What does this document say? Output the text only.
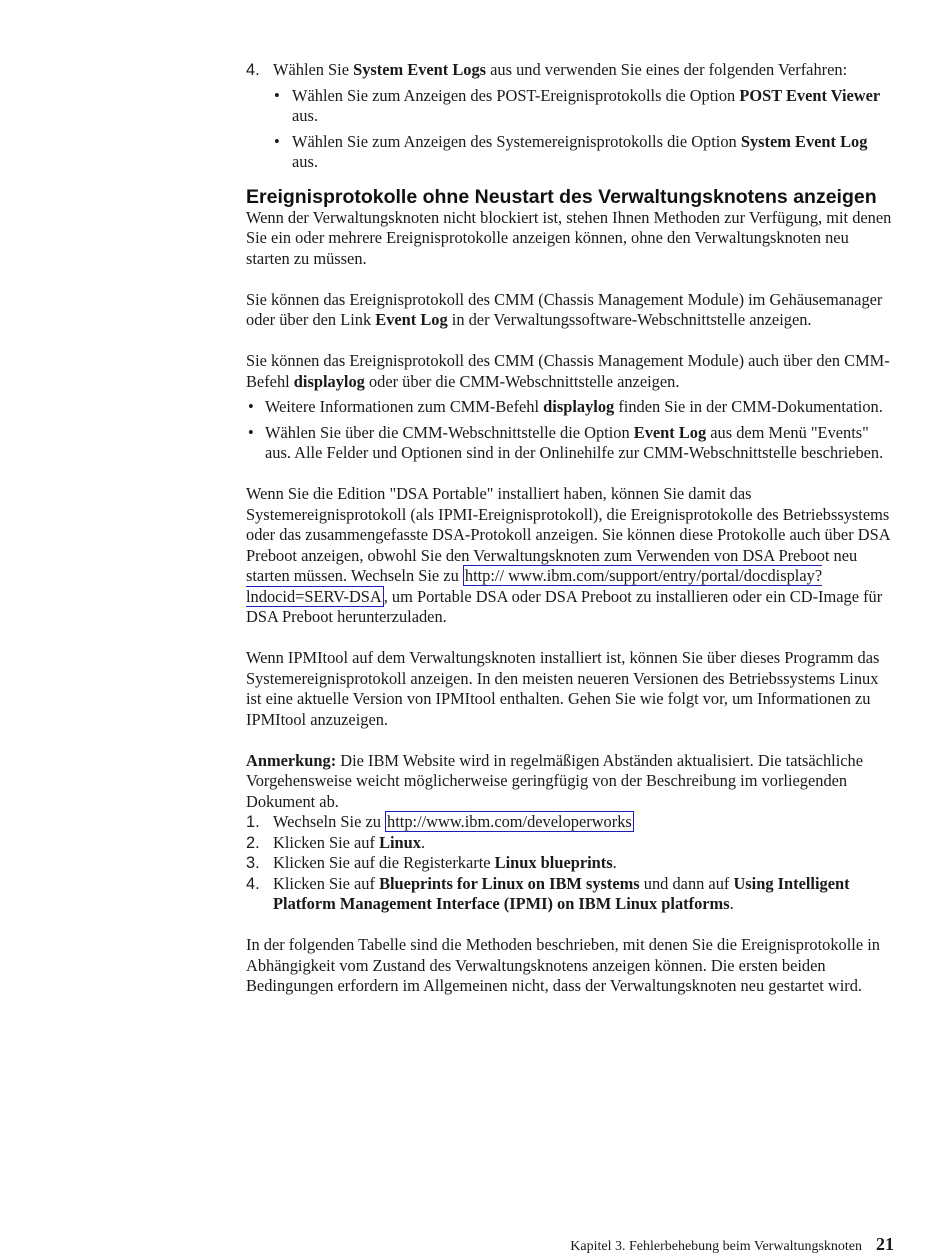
4. Wählen Sie System Event Logs aus und verwenden Sie eines der folgenden Verfahren:
• Wählen Sie zum Anzeigen des POST-Ereignisprotokolls die Option POST Event Viewer aus.
• Wählen Sie zum Anzeigen des Systemereignisprotokolls die Option System Event Log aus.
Ereignisprotokolle ohne Neustart des Verwaltungsknotens anzeigen

Wenn der Verwaltungsknoten nicht blockiert ist, stehen Ihnen Methoden zur Verfügung, mit denen Sie ein oder mehrere Ereignisprotokolle anzeigen können, ohne den Verwaltungsknoten neu starten zu müssen.

Sie können das Ereignisprotokoll des CMM (Chassis Management Module) im Gehäusemanager oder über den Link Event Log in der Verwaltungssoftware-Webschnittstelle anzeigen.

Sie können das Ereignisprotokoll des CMM (Chassis Management Module) auch über den CMM-Befehl displaylog oder über die CMM-Webschnittstelle anzeigen.

• Weitere Informationen zum CMM-Befehl displaylog finden Sie in der CMM-Dokumentation.
• Wählen Sie über die CMM-Webschnittstelle die Option Event Log aus dem Menü "Events" aus. Alle Felder und Optionen sind in der Onlinehilfe zur CMM-Webschnittstelle beschrieben.

Wenn Sie die Edition "DSA Portable" installiert haben, können Sie damit das Systemereignisprotokoll (als IPMI-Ereignisprotokoll), die Ereignisprotokolle des Betriebssystems oder das zusammengefasste DSA-Protokoll anzeigen. Sie können diese Protokolle auch über DSA Preboot anzeigen, obwohl Sie den Verwaltungsknoten zum Verwenden von DSA Preboot neu starten müssen. Wechseln Sie zu http:// www.ibm.com/support/entry/portal/docdisplay?lndocid=SERV-DSA , um Portable DSA oder DSA Preboot zu installieren oder ein CD-Image für DSA Preboot herunterzuladen.

Wenn IPMItool auf dem Verwaltungsknoten installiert ist, können Sie über dieses Programm das Systemereignisprotokoll anzeigen. In den meisten neueren Versionen des Betriebssystems Linux ist eine aktuelle Version von IPMItool enthalten. Gehen Sie wie folgt vor, um Informationen zu IPMItool anzuzeigen.

Anmerkung: Die IBM Website wird in regelmäßigen Abständen aktualisiert. Die tatsächliche Vorgehensweise weicht möglicherweise geringfügig von der Beschreibung im vorliegenden Dokument ab.

1. Wechseln Sie zu http://www.ibm.com/developerworks
2. Klicken Sie auf Linux.
3. Klicken Sie auf die Registerkarte Linux blueprints.
4. Klicken Sie auf Blueprints for Linux on IBM systems und dann auf Using Intelligent Platform Management Interface (IPMI) on IBM Linux platforms.

In der folgenden Tabelle sind die Methoden beschrieben, mit denen Sie die Ereignisprotokolle in Abhängigkeit vom Zustand des Verwaltungsknotens anzeigen können. Die ersten beiden Bedingungen erfordern im Allgemeinen nicht, dass der Verwaltungsknoten neu gestartet wird.

Kapitel 3. Fehlerbehebung beim Verwaltungsknoten 21
